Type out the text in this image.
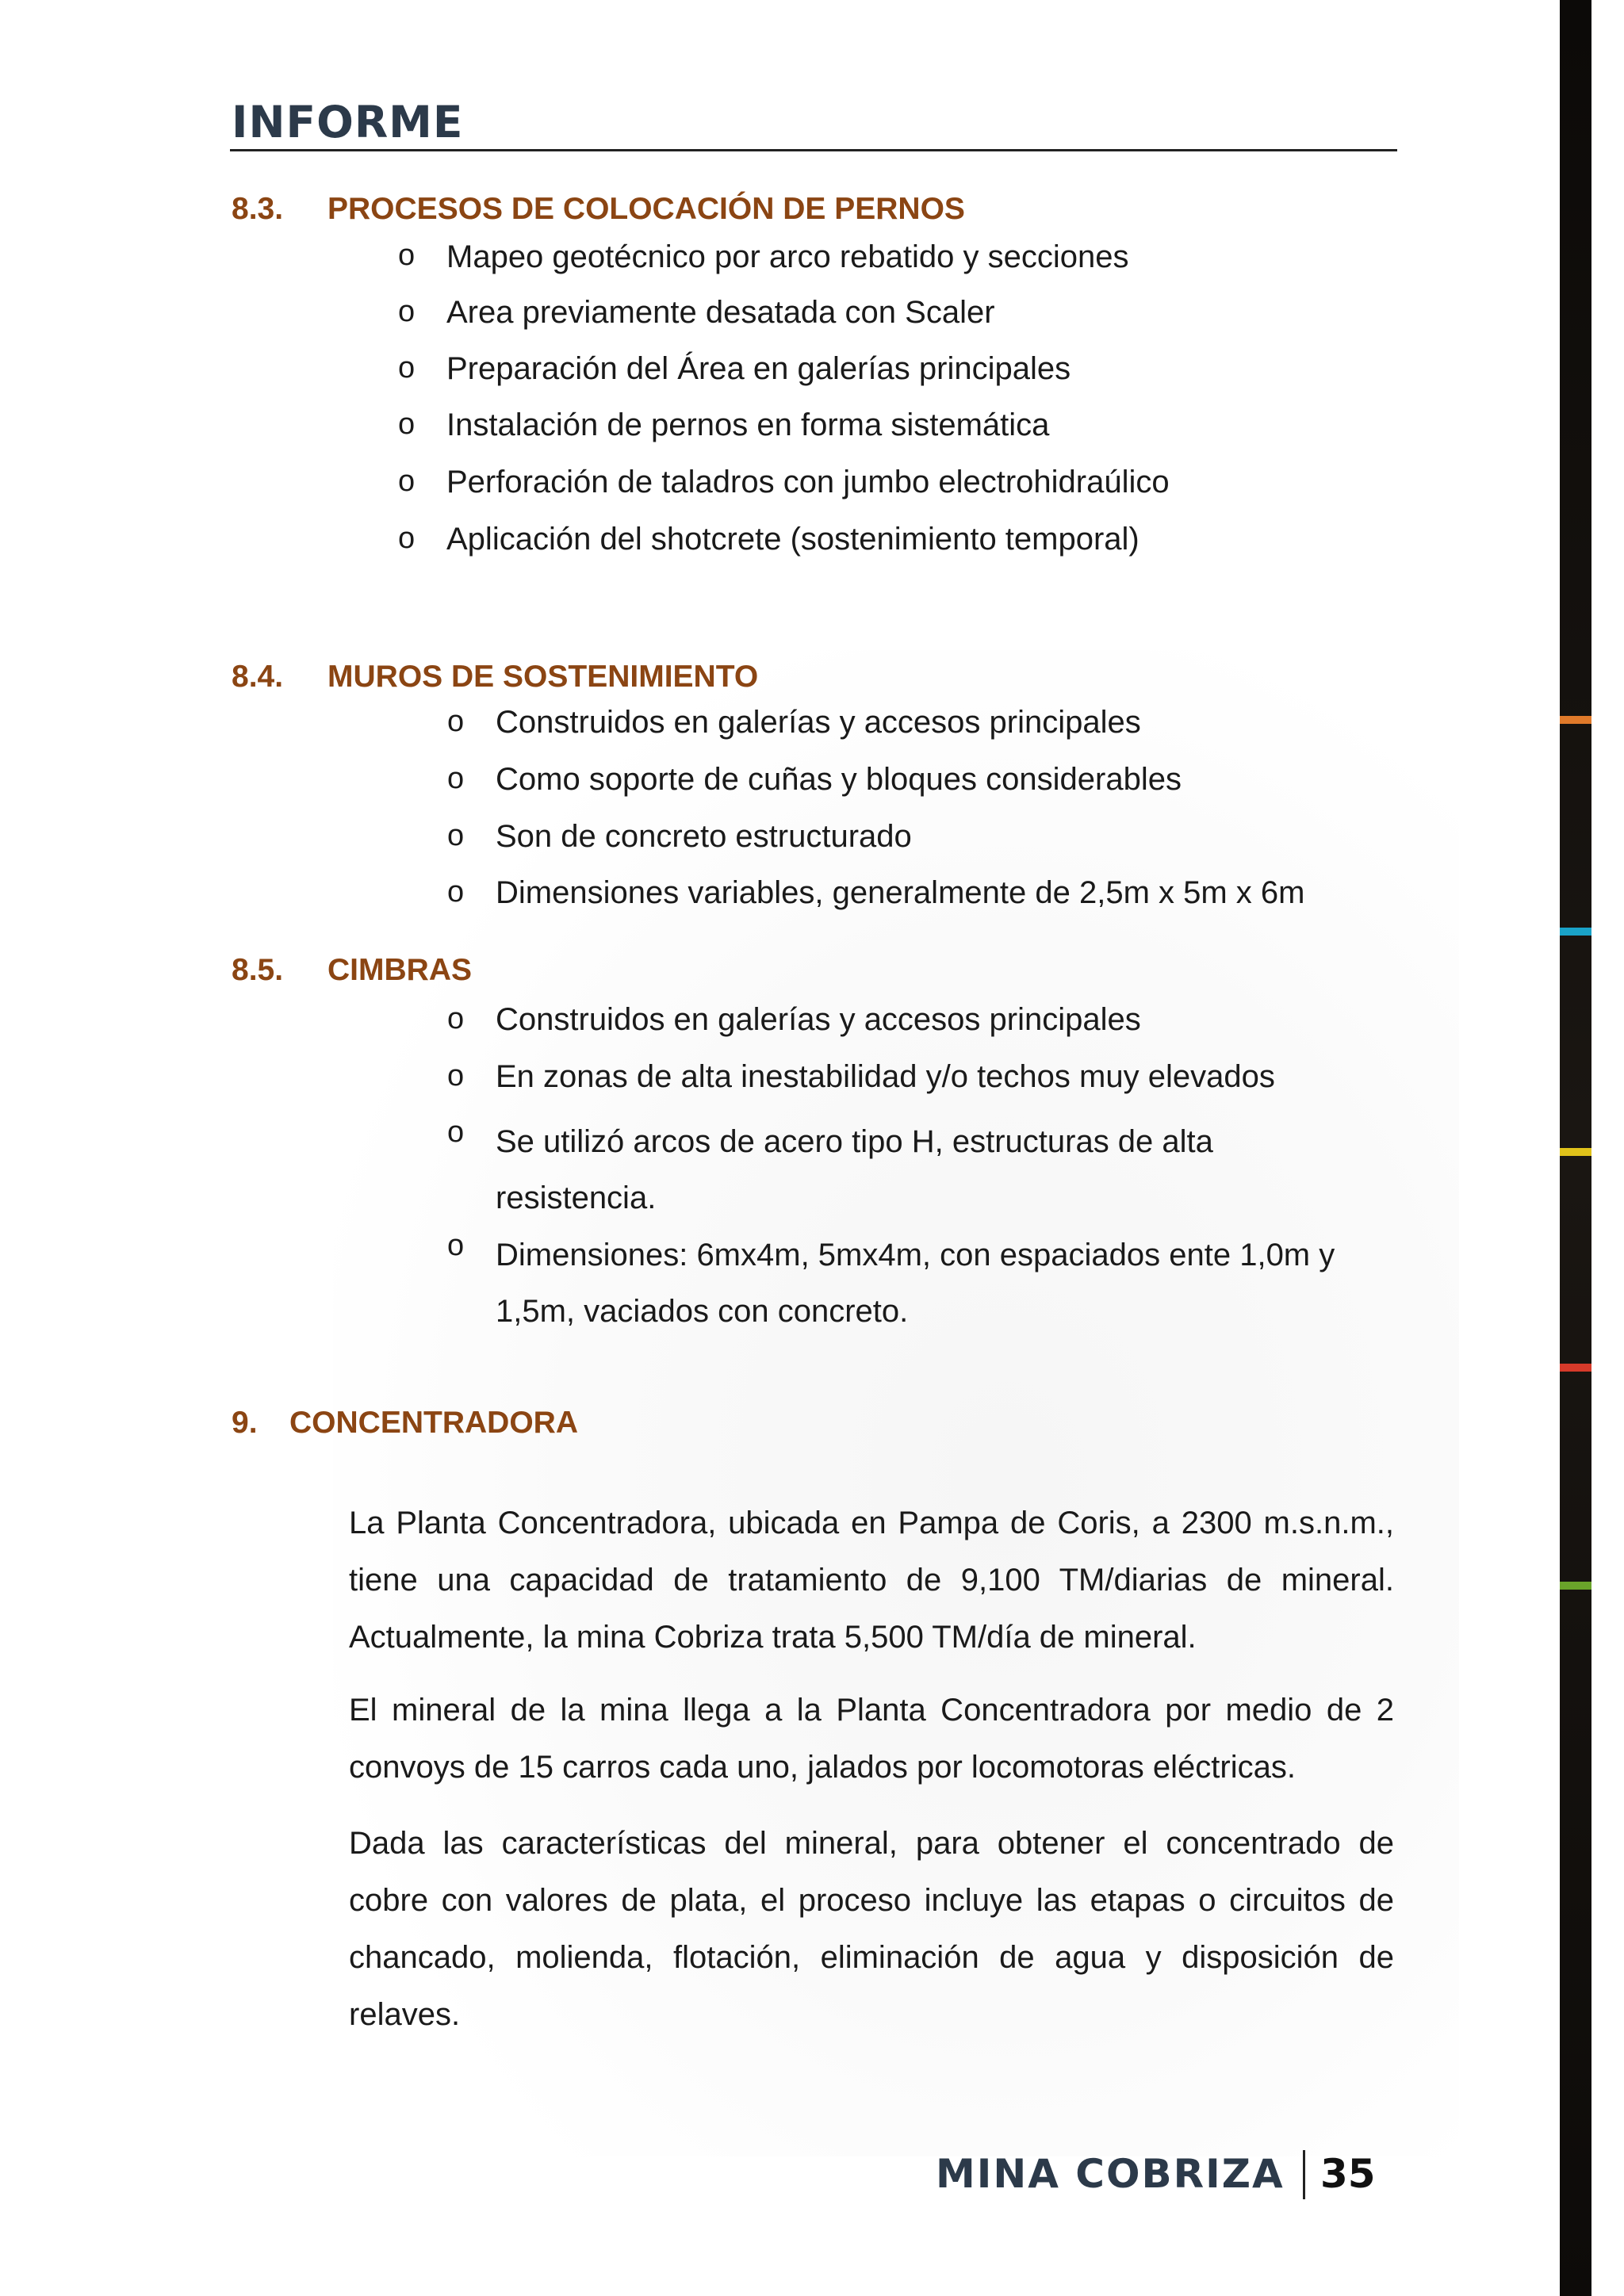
INFORME
8.3. PROCESOS DE COLOCACIÓN DE PERNOS
o Mapeo geotécnico por arco rebatido y secciones
o Area previamente desatada con Scaler
o Preparación del Área en galerías principales
o Instalación de pernos en forma sistemática
o Perforación de taladros con jumbo electrohidraúlico
o Aplicación del shotcrete (sostenimiento temporal)
8.4. MUROS DE SOSTENIMIENTO
o Construidos en galerías y accesos principales
o Como soporte de cuñas y bloques considerables
o Son de concreto estructurado
o Dimensiones variables, generalmente de 2,5m x 5m x 6m
8.5. CIMBRAS
o Construidos en galerías y accesos principales
o En zonas de alta inestabilidad y/o techos muy elevados
o Se utilizó arcos de acero tipo H, estructuras de alta resistencia.
o Dimensiones: 6mx4m, 5mx4m, con espaciados ente 1,0m y 1,5m, vaciados con concreto.
9. CONCENTRADORA
La Planta Concentradora, ubicada en Pampa de Coris, a 2300 m.s.n.m., tiene una capacidad de tratamiento de 9,100 TM/diarias de mineral. Actualmente, la mina Cobriza trata 5,500 TM/día de mineral.
El mineral de la mina llega a la Planta Concentradora por medio de 2 convoys de 15 carros cada uno, jalados por locomotoras eléctricas.
Dada las características del mineral, para obtener el concentrado de cobre con valores de plata, el proceso incluye las etapas o circuitos de chancado, molienda, flotación, eliminación de agua y disposición de relaves.
MINA COBRIZA 35
